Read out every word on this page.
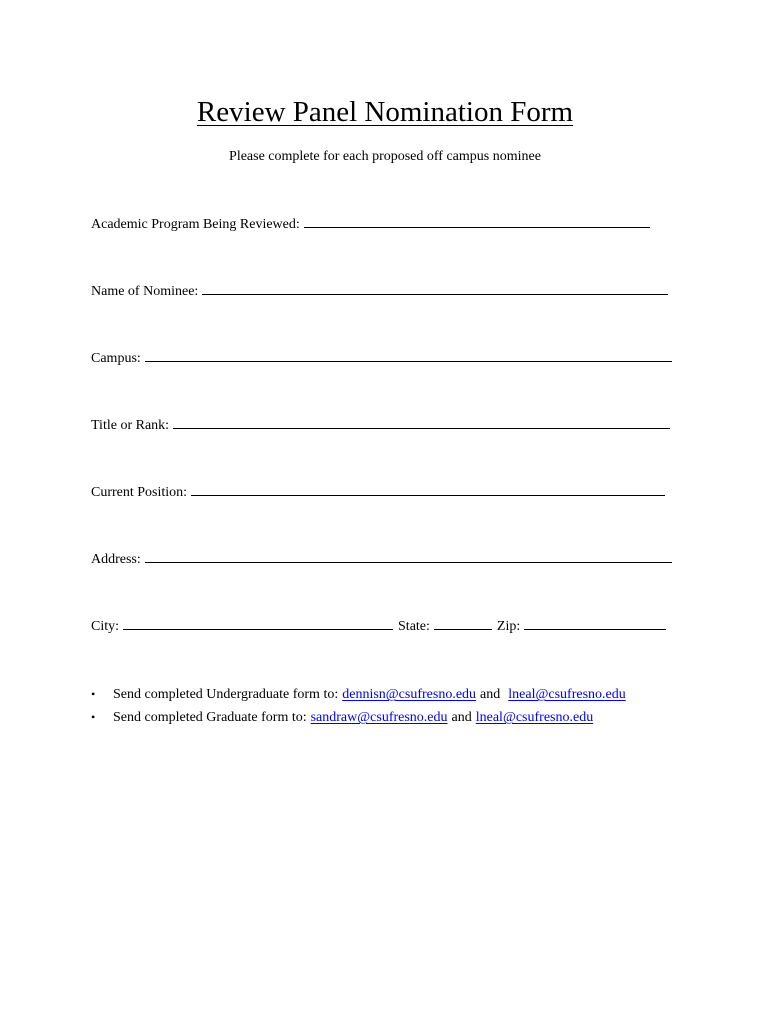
Review Panel Nomination Form
Please complete for each proposed off campus nominee
Academic Program Being Reviewed:
Name of Nominee:
Campus:
Title or Rank:
Current Position:
Address:
City:	State:	Zip:
•	Send completed Undergraduate form to: dennisn@csufresno.edu and lneal@csufresno.edu
•	Send completed Graduate form to: sandraw@csufresno.edu and lneal@csufresno.edu
